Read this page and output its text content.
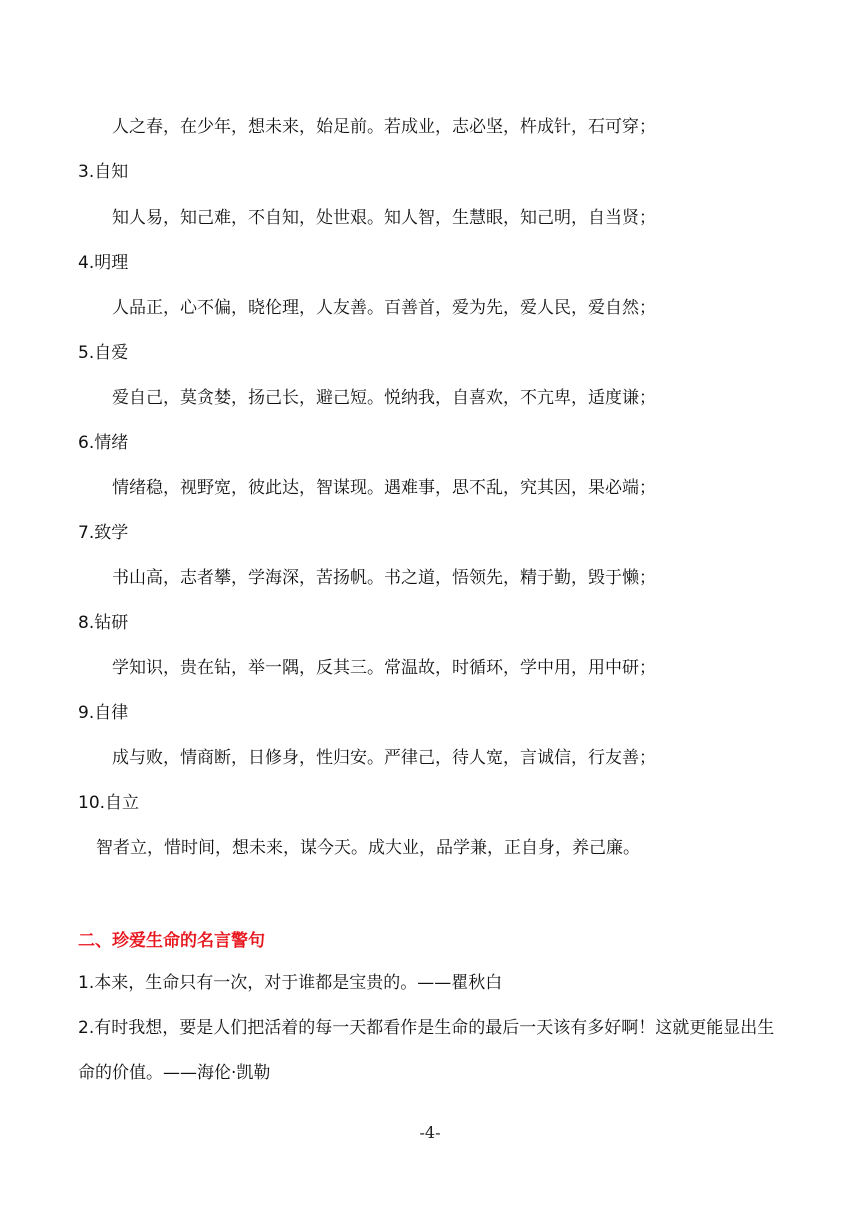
人之春，在少年，想未来，始足前。若成业，志必坚，杵成针，石可穿；
3.自知
知人易，知己难，不自知，处世艰。知人智，生慧眼，知己明，自当贤；
4.明理
人品正，心不偏，晓伦理，人友善。百善首，爱为先，爱人民，爱自然；
5.自爱
爱自己，莫贪婪，扬己长，避己短。悦纳我，自喜欢，不亢卑，适度谦；
6.情绪
情绪稳，视野宽，彼此达，智谋现。遇难事，思不乱，究其因，果必端；
7.致学
书山高，志者攀，学海深，苦扬帆。书之道，悟领先，精于勤，毁于懒；
8.钻研
学知识，贵在钻，举一隅，反其三。常温故，时循环，学中用，用中研；
9.自律
成与败，情商断，日修身，性归安。严律己，待人宽，言诚信，行友善；
10.自立
智者立，惜时间，想未来，谋今天。成大业，品学兼，正自身，养己廉。
二、珍爱生命的名言警句
1.本来，生命只有一次，对于谁都是宝贵的。——瞿秋白
2.有时我想，要是人们把活着的每一天都看作是生命的最后一天该有多好啊！这就更能显出生
命的价值。——海伦·凯勒
-4-
